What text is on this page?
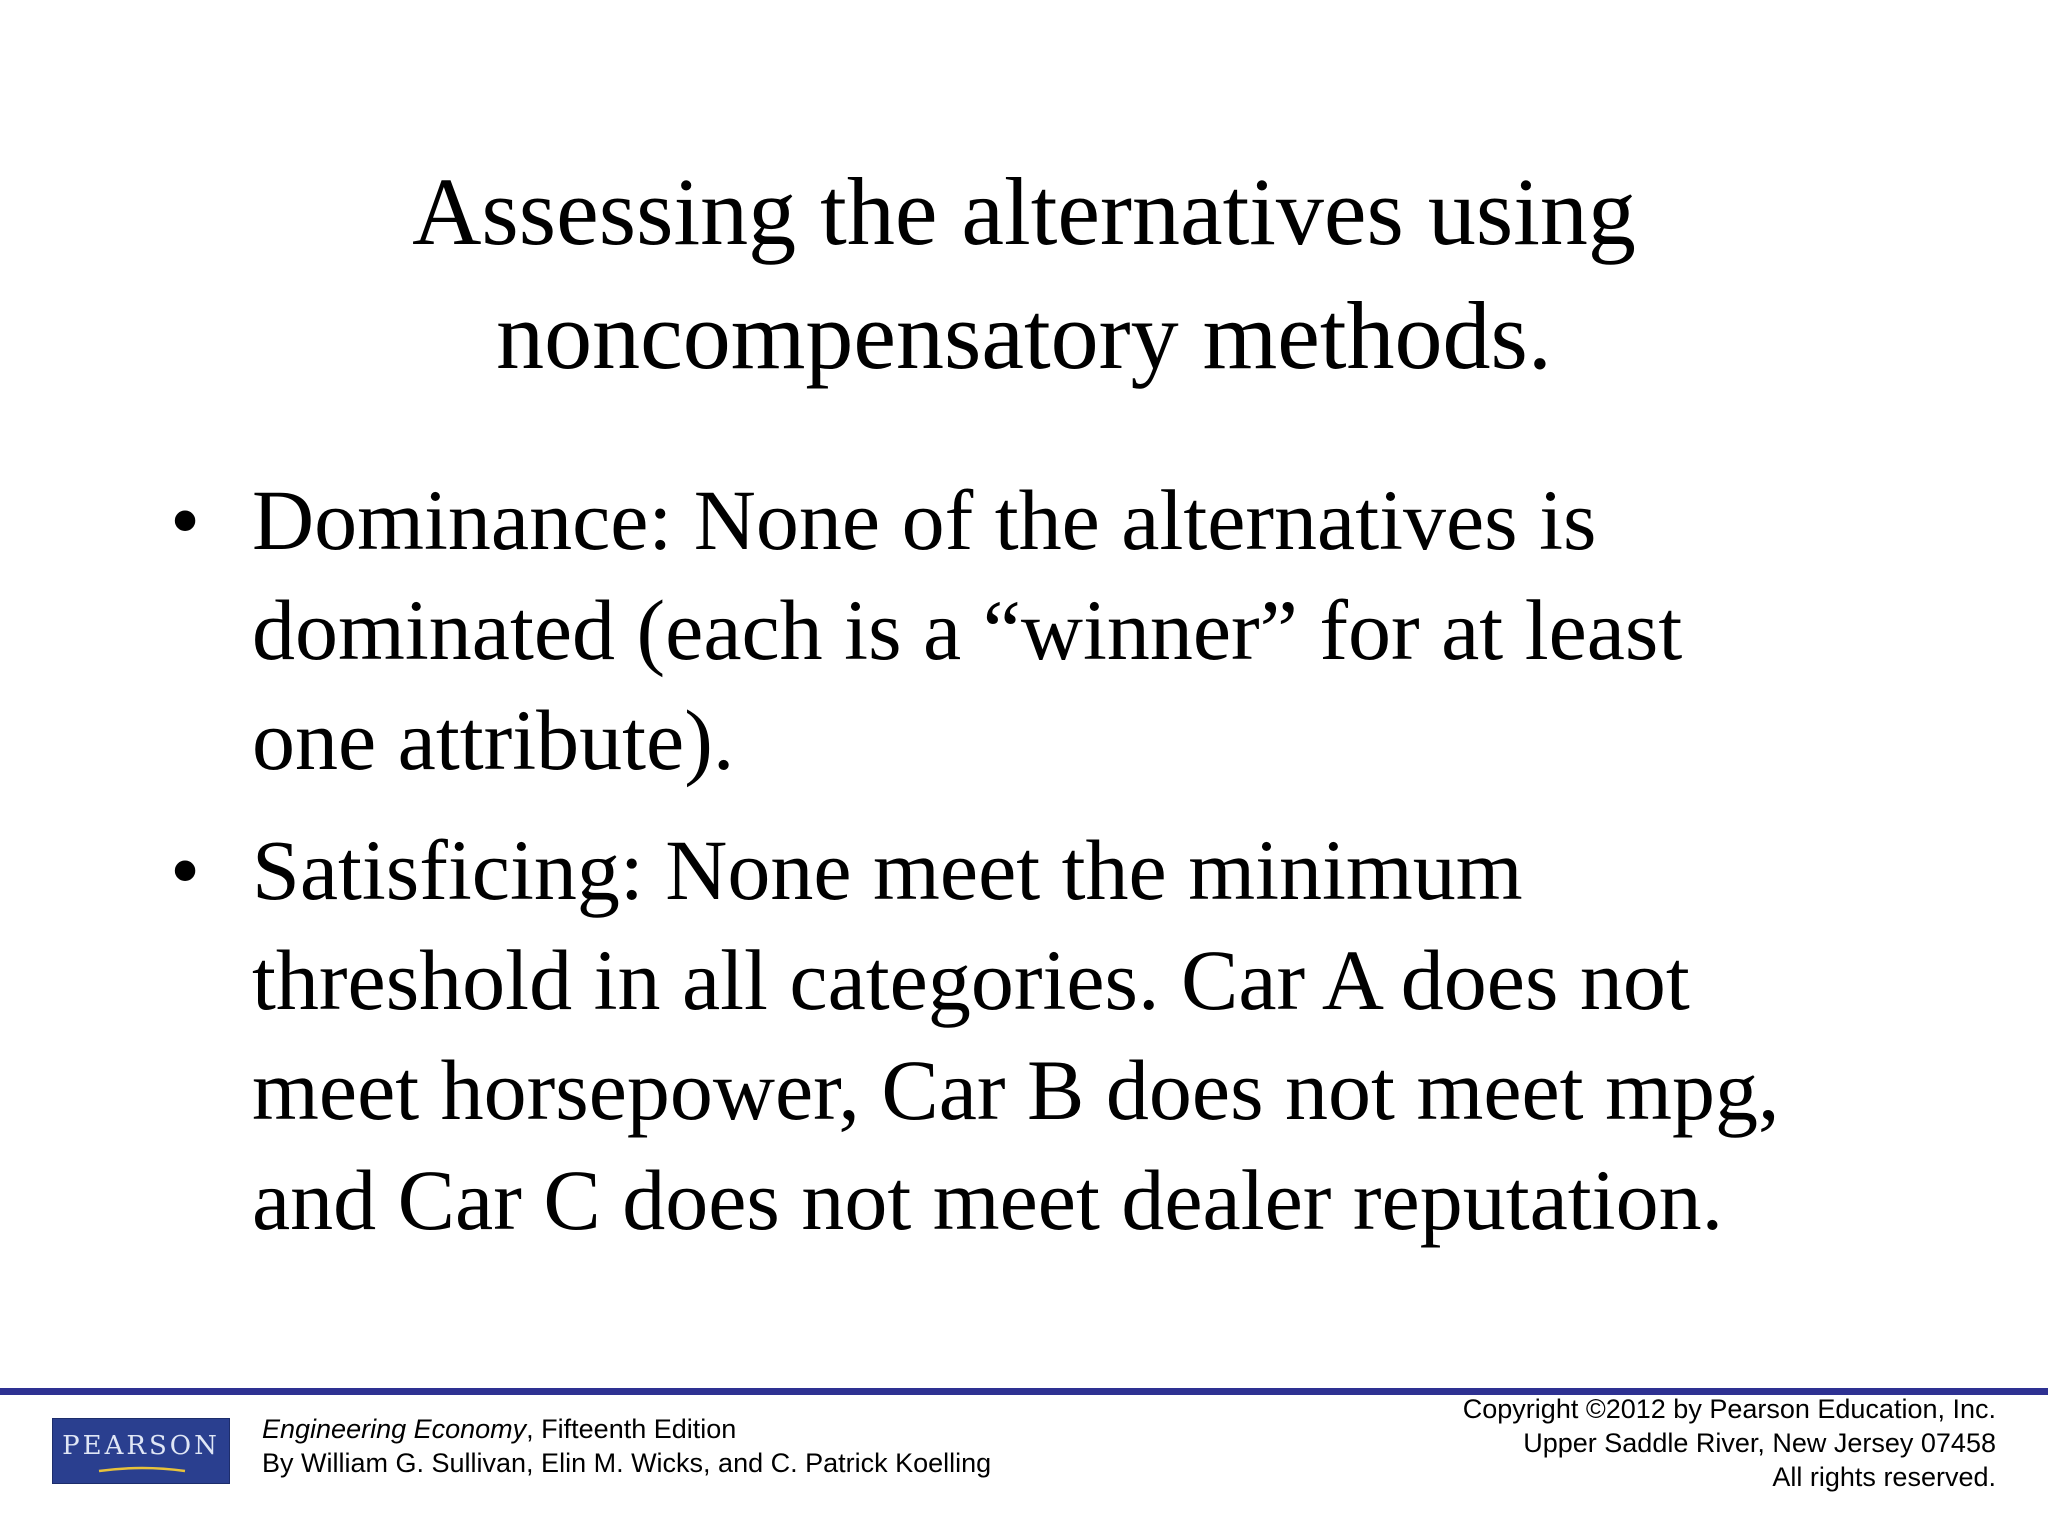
Assessing the alternatives using
noncompensatory methods.
• Dominance: None of the alternatives is
dominated (each is a “winner” for at least
one attribute).
• Satisficing: None meet the minimum
threshold in all categories. Car A does not
meet horsepower, Car B does not meet mpg,
and Car C does not meet dealer reputation.
PEARSON
Engineering Economy, Fifteenth Edition
By William G. Sullivan, Elin M. Wicks, and C. Patrick Koelling
Copyright ©2012 by Pearson Education, Inc.
Upper Saddle River, New Jersey 07458
All rights reserved.
